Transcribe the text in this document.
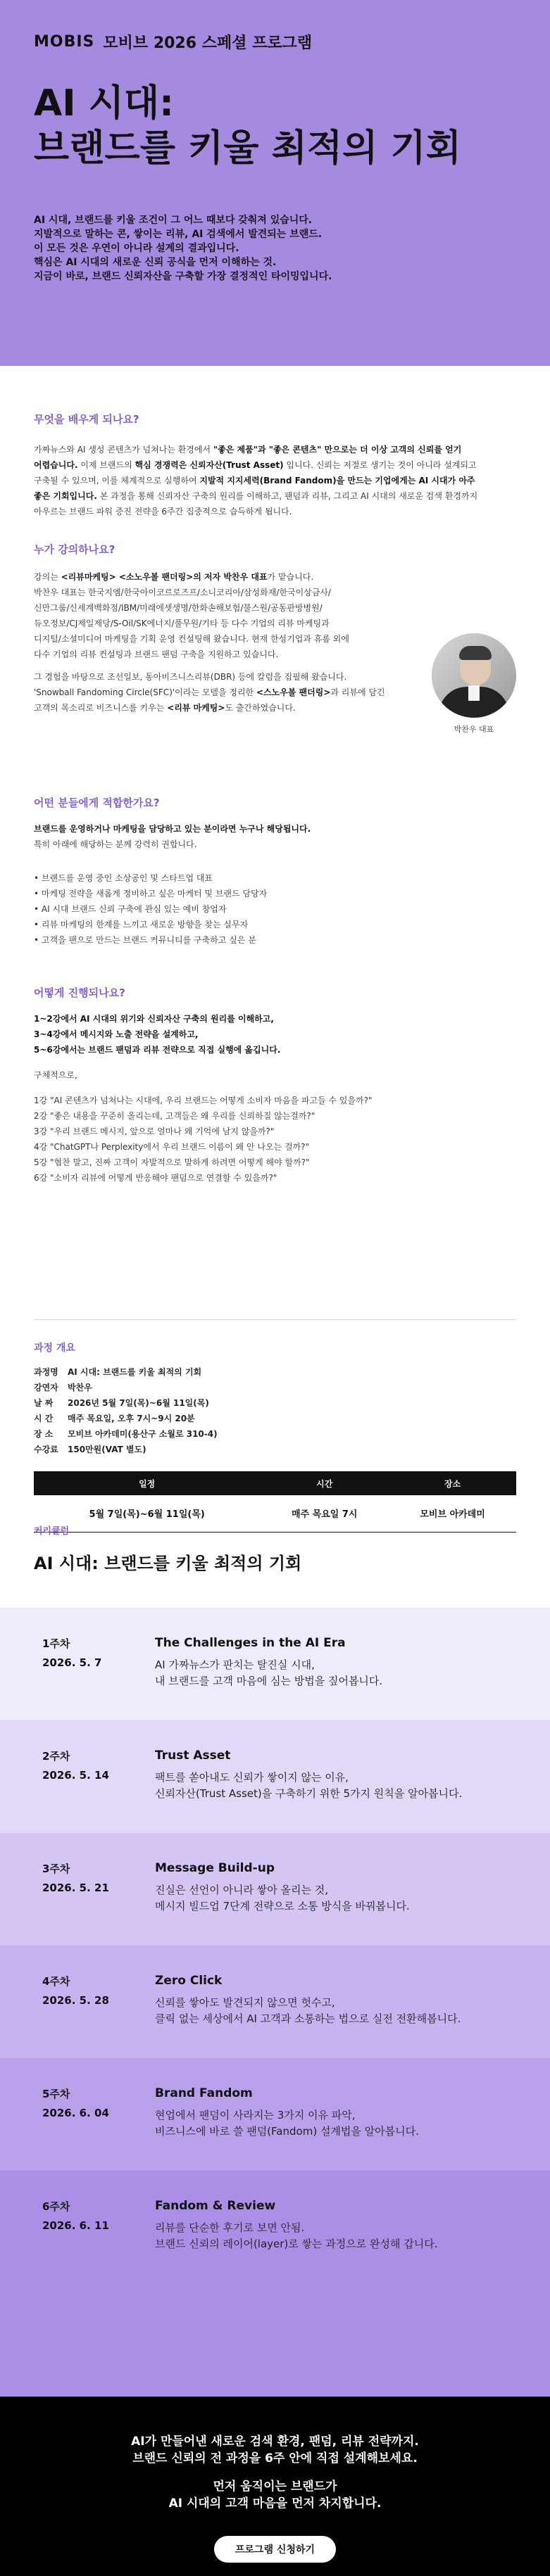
MOBIS 모비브 2026 스페셜 프로그램
AI 시대:
브랜드를 키울 최적의 기회

AI 시대, 브랜드를 키울 조건이 그 어느 때보다 갖춰져 있습니다.

지발적으로 말하는 콘, 쌓이는 리뷰, AI 검색에서 발견되는 브랜드.

이 모든 것은 우연이 아니라 설계의 결과입니다.

핵심은 AI 시대의 새로운 신뢰 공식을 먼저 이해하는 것.

지금이 바로, 브랜드 신뢰자산을 구축할 가장 결정적인 타이밍입니다.

무엇을 배우게 되나요?
가짜뉴스와 AI 생성 콘텐츠가 넘쳐나는 환경에서 "좋은 제품"과 "좋은 콘텐츠" 만으로는 더 이상 고객의 신뢰를 얻기
어렵습니다. 이제 브랜드의 핵심 경쟁력은 신뢰자산(Trust Asset) 입니다. 신뢰는 저절로 생기는 것이 아니라 설계되고
구축될 수 있으며, 이를 체계적으로 실행하여 지발적 지지세력(Brand Fandom)을 만드는 기업에게는 AI 시대가 아주
좋은 기회입니다. 본 과정을 통해 신뢰자산 구축의 원리를 이해하고, 팬덤과 리뷰, 그리고 AI 시대의 새로운 검색 환경까지
아우르는 브랜드 파워 증진 전략을 6주간 집중적으로 습득하게 됩니다.
누가 강의하나요?
강의는 <리뷰마케팅> <소노우볼 팬더링>의 저자 박찬우 대표가 맡습니다.
박찬우 대표는 한국지엠/한국아이코르로즈프/소니코리아/삼성화재/한국이상금사/
신만그룹/신세계백화점/IBM/미래에셋생명/한화손해보험/불스원/공동판방병원/
듀오정보/CJ제일제당/S-Oil/SK에너지/풀무원/기타 등 다수 기업의 리뷰 마케팅과
디지털/소셜미디어 마케팅을 기획 운영 컨설팅해 왔습니다. 현재 한성기업과 휴롬 외에
다수 기업의 리뷰 컨설팅과 브랜드 팬덤 구축을 지원하고 있습니다.

그 경험을 바탕으로 조선일보, 동아비즈니스리뷰(DBR) 등에 칼럼을 집필해 왔습니다.
'Snowball Fandoming Circle(SFC)'이라는 모델을 정리한 <스노우볼 팬더링>과 리뷰에 담긴
고객의 목소리로 비즈니스를 키우는 <리뷰 마케팅>도 출간하였습니다.
박찬우 대표
어떤 분들에게 적합한가요?
브랜드를 운영하거나 마케팅을 담당하고 있는 분이라면 누구나 해당됩니다.
특히 아래에 해당하는 분께 강력히 권합니다.
• 브랜드를 운영 중인 소상공인 및 스타트업 대표
• 마케팅 전략을 새롭게 정비하고 싶은 마케터 및 브랜드 담당자
• AI 시대 브랜드 신뢰 구축에 관심 있는 예비 창업자
• 리뷰 마케팅의 한계를 느끼고 새로운 방향을 찾는 실무자
• 고객을 팬으로 만드는 브랜드 커뮤니티를 구축하고 싶은 분
어떻게 진행되나요?
1~2강에서 AI 시대의 위기와 신뢰자산 구축의 원리를 이해하고,
3~4강에서 메시지와 노출 전략을 설계하고,
5~6강에서는 브랜드 팬덤과 리뷰 전략으로 직접 실행에 옮깁니다.

구체적으로,

1강 "AI 콘텐츠가 넘쳐나는 시대에, 우리 브랜드는 어떻게 소비자 마음을 파고들 수 있을까?"

2강 "좋은 내용을 꾸준히 올리는데, 고객들은 왜 우리를 신뢰하질 않는걸까?"

3강 "우리 브랜드 메시지, 앞으로 얼마나 왜 기억에 남지 않을까?"

4강 "ChatGPT나 Perplexity에서 우리 브랜드 이름이 왜 안 나오는 걸까?"

5강 "협찬 말고, 진짜 고객이 자발적으로 말하게 하려면 어떻게 해야 할까?"

6강 "소비자 리뷰에 어떻게 반응해야 팬덤으로 연결할 수 있을까?"

과정 개요
과정명	AI 시대: 브랜드를 키울 최적의 기회
강연자	박찬우
날 짜	2026년 5월 7일(목)~6월 11일(목)
시 간	매주 목요일, 오후 7시~9시 20분
장 소	모비브 아카데미(용산구 소월로 310-4)
수강료	150만원(VAT 별도)
일정	시간	장소
5월 7일(목)~6월 11일(목)	매주 목요일 7시	모비브 아카데미
커리큘럼
AI 시대: 브랜드를 키울 최적의 기회
1주차
2026. 5. 7
The Challenges in the AI Era
AI 가짜뉴스가 판치는 탈진실 시대,
내 브랜드를 고객 마음에 심는 방법을 짚어봅니다.
2주차
2026. 5. 14
Trust Asset
팩트를 쏟아내도 신뢰가 쌓이지 않는 이유,
신뢰자산(Trust Asset)을 구축하기 위한 5가지 원칙을 알아봅니다.
3주차
2026. 5. 21
Message Build-up
진실은 선언이 아니라 쌓아 올리는 것,
메시지 빌드업 7단계 전략으로 소통 방식을 바꿔봅니다.
4주차
2026. 5. 28
Zero Click
신뢰를 쌓아도 발견되지 않으면 헛수고,
클릭 없는 세상에서 AI 고객과 소통하는 법으로 실전 전환해봅니다.
5주차
2026. 6. 04
Brand Fandom
현업에서 팬덤이 사라지는 3가지 이유 파악,
비즈니스에 바로 쓸 팬덤(Fandom) 설계법을 알아봅니다.
6주차
2026. 6. 11
Fandom & Review
리뷰를 단순한 후기로 보면 안됨.
브랜드 신뢰의 레이어(layer)로 쌓는 과정으로 완성해 갑니다.

AI가 만들어낸 새로운 검색 환경, 팬덤, 리뷰 전략까지.

브랜드 신뢰의 전 과정을 6주 안에 직접 설계해보세요.

먼저 움직이는 브랜드가

AI 시대의 고객 마음을 먼저 차지합니다.

프로그램 신청하기
